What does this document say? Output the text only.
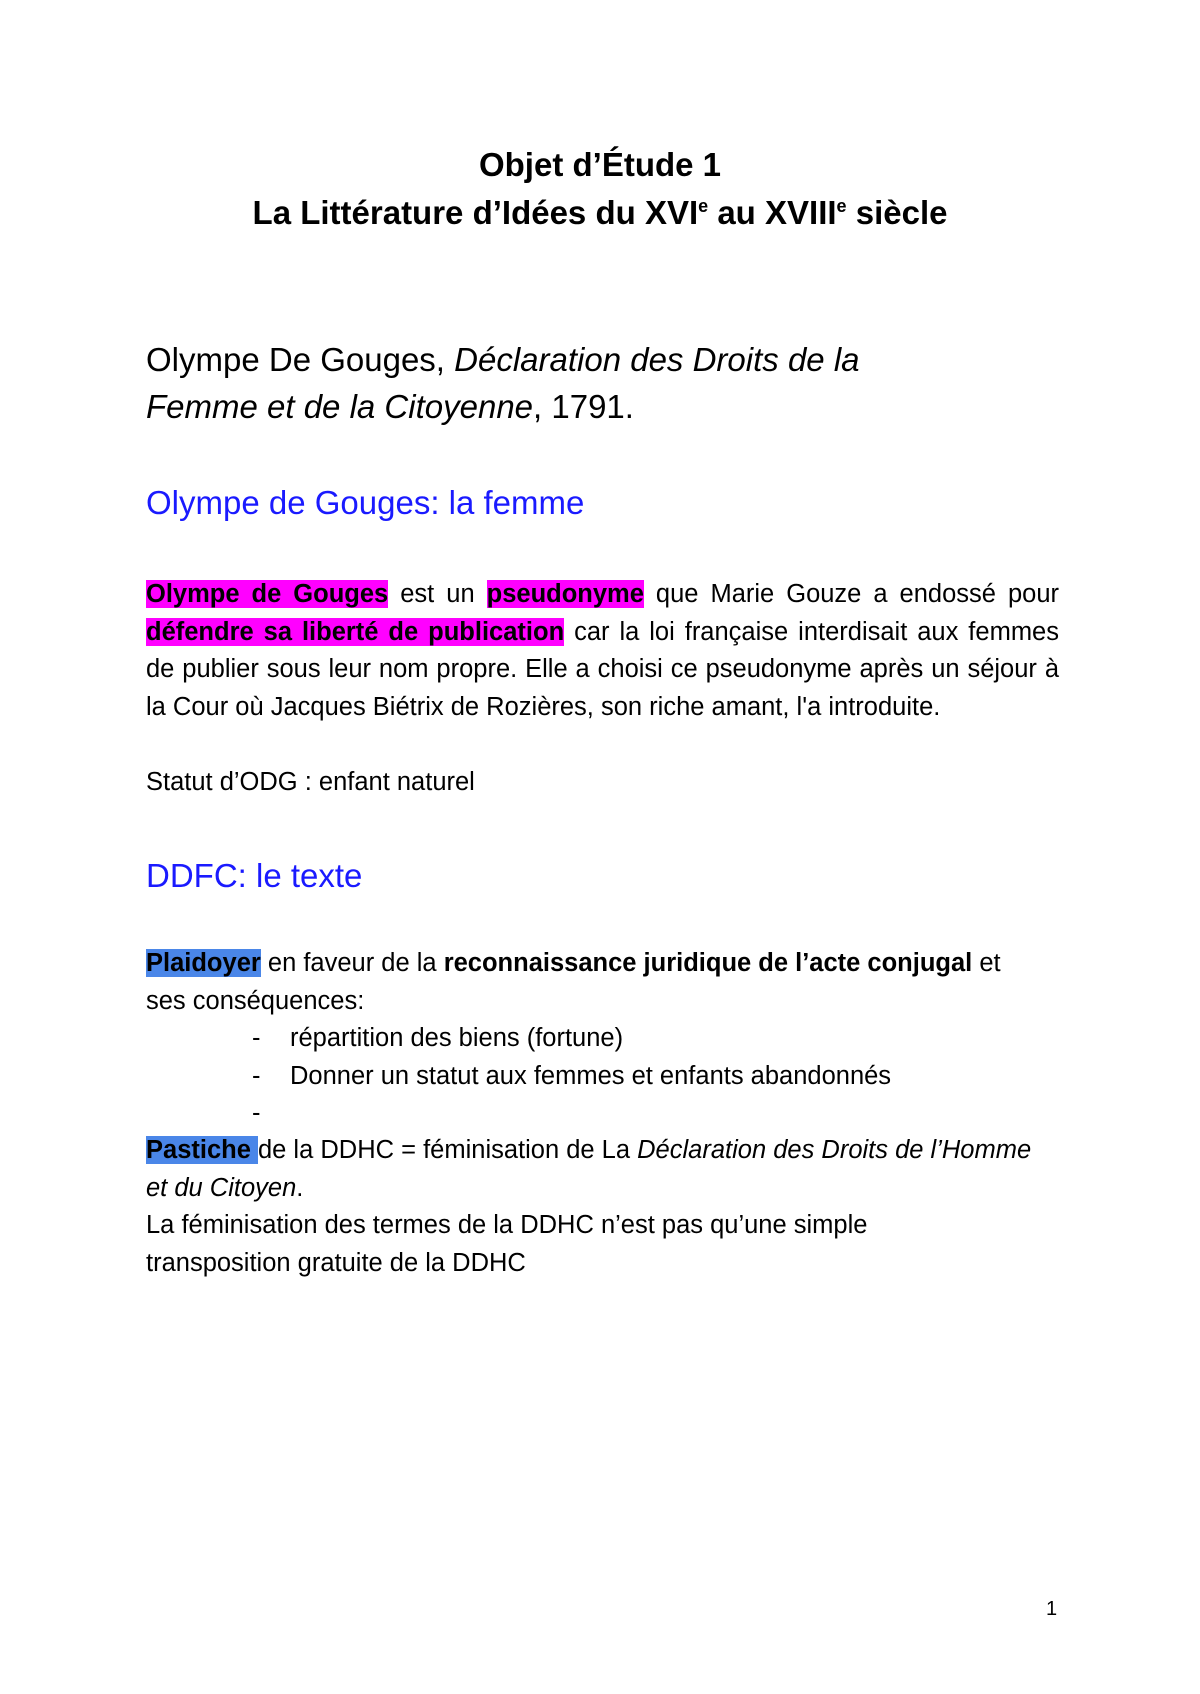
Objet d’Étude 1
La Littérature d’Idées du XVIe au XVIIIe siècle
Olympe De Gouges, Déclaration des Droits de la
Femme et de la Citoyenne, 1791.
Olympe de Gouges: la femme
Olympe de Gouges est un pseudonyme que Marie Gouze a endossé pour défendre sa liberté de publication car la loi française interdisait aux femmes de publier sous leur nom propre. Elle a choisi ce pseudonyme après un séjour à la Cour où Jacques Biétrix de Rozières, son riche amant, l'a introduite.
Statut d’ODG : enfant naturel
DDFC: le texte
Plaidoyer en faveur de la reconnaissance juridique de l’acte conjugal et ses conséquences:
- répartition des biens (fortune)
- Donner un statut aux femmes et enfants abandonnés
-
Pastiche de la DDHC = féminisation de La Déclaration des Droits de l’Homme et du Citoyen.
La féminisation des termes de la DDHC n’est pas qu’une simple transposition gratuite de la DDHC
1
